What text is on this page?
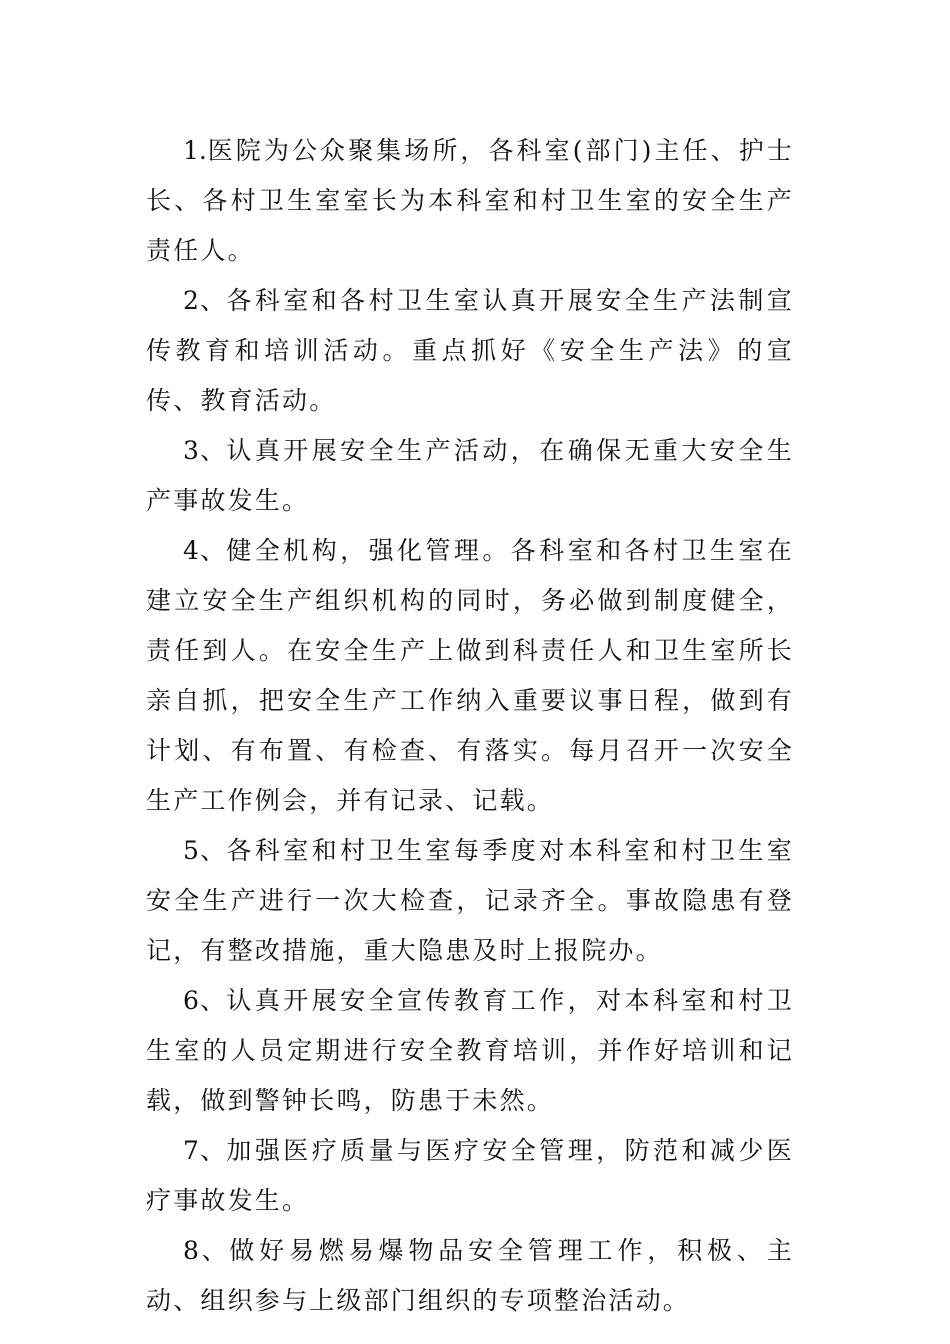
1.医院为公众聚集场所，各科室(部门)主任、护士长、各村卫生室室长为本科室和村卫生室的安全生产责任人。

2、各科室和各村卫生室认真开展安全生产法制宣传教育和培训活动。重点抓好《安全生产法》的宣传、教育活动。

3、认真开展安全生产活动，在确保无重大安全生产事故发生。

4、健全机构，强化管理。各科室和各村卫生室在建立安全生产组织机构的同时，务必做到制度健全，责任到人。在安全生产上做到科责任人和卫生室所长亲自抓，把安全生产工作纳入重要议事日程，做到有计划、有布置、有检查、有落实。每月召开一次安全生产工作例会，并有记录、记载。

5、各科室和村卫生室每季度对本科室和村卫生室安全生产进行一次大检查，记录齐全。事故隐患有登记，有整改措施，重大隐患及时上报院办。

6、认真开展安全宣传教育工作，对本科室和村卫生室的人员定期进行安全教育培训，并作好培训和记载，做到警钟长鸣，防患于未然。

7、加强医疗质量与医疗安全管理，防范和减少医疗事故发生。

8、做好易燃易爆物品安全管理工作，积极、主动、组织参与上级部门组织的专项整治活动。
